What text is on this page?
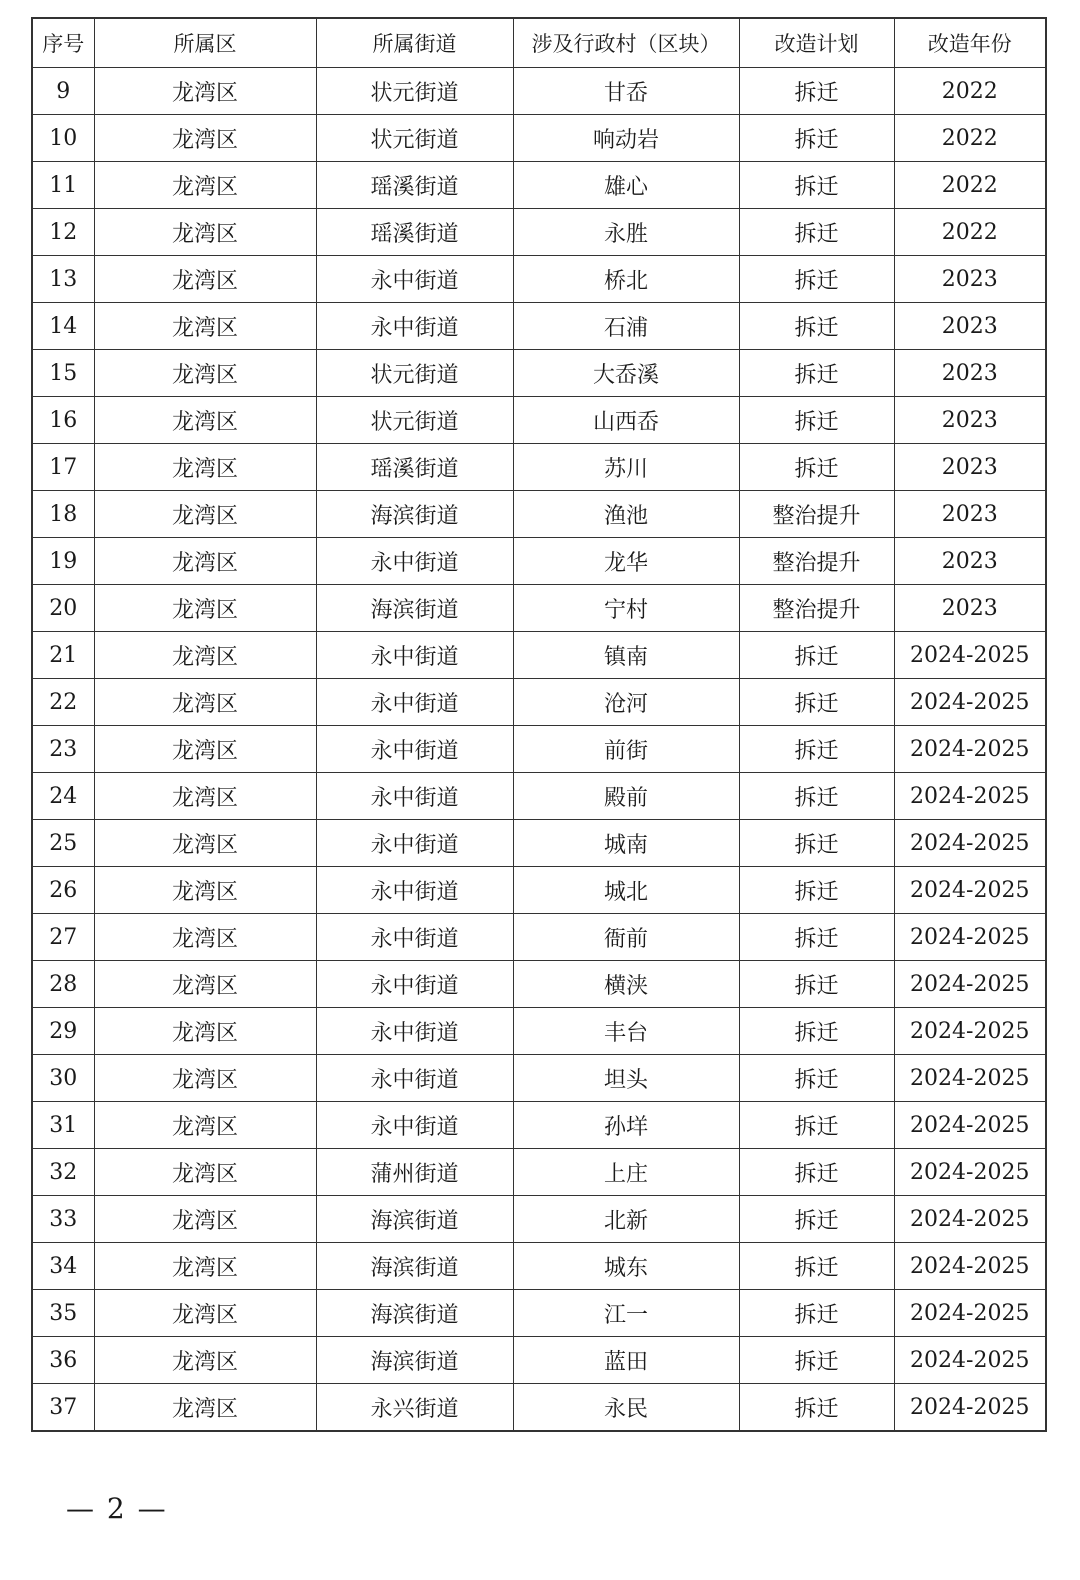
序号	所属区	所属街道	涉及行政村（区块）	改造计划	改造年份
9	龙湾区	状元街道	甘岙	拆迁	2022
10	龙湾区	状元街道	响动岩	拆迁	2022
11	龙湾区	瑶溪街道	雄心	拆迁	2022
12	龙湾区	瑶溪街道	永胜	拆迁	2022
13	龙湾区	永中街道	桥北	拆迁	2023
14	龙湾区	永中街道	石浦	拆迁	2023
15	龙湾区	状元街道	大岙溪	拆迁	2023
16	龙湾区	状元街道	山西岙	拆迁	2023
17	龙湾区	瑶溪街道	苏川	拆迁	2023
18	龙湾区	海滨街道	渔池	整治提升	2023
19	龙湾区	永中街道	龙华	整治提升	2023
20	龙湾区	海滨街道	宁村	整治提升	2023
21	龙湾区	永中街道	镇南	拆迁	2024-2025
22	龙湾区	永中街道	沧河	拆迁	2024-2025
23	龙湾区	永中街道	前街	拆迁	2024-2025
24	龙湾区	永中街道	殿前	拆迁	2024-2025
25	龙湾区	永中街道	城南	拆迁	2024-2025
26	龙湾区	永中街道	城北	拆迁	2024-2025
27	龙湾区	永中街道	衙前	拆迁	2024-2025
28	龙湾区	永中街道	横浃	拆迁	2024-2025
29	龙湾区	永中街道	丰台	拆迁	2024-2025
30	龙湾区	永中街道	坦头	拆迁	2024-2025
31	龙湾区	永中街道	孙垟	拆迁	2024-2025
32	龙湾区	蒲州街道	上庄	拆迁	2024-2025
33	龙湾区	海滨街道	北新	拆迁	2024-2025
34	龙湾区	海滨街道	城东	拆迁	2024-2025
35	龙湾区	海滨街道	江一	拆迁	2024-2025
36	龙湾区	海滨街道	蓝田	拆迁	2024-2025
37	龙湾区	永兴街道	永民	拆迁	2024-2025
— 2 —
